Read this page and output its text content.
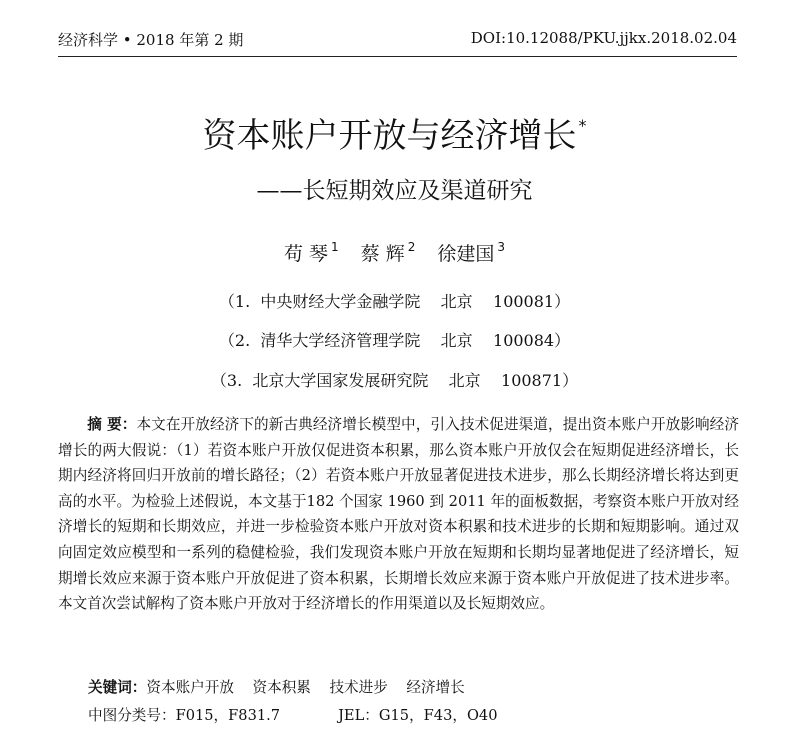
经济科学 • 2018 年第 2 期	DOI:10.12088/PKU.jjkx.2018.02.04
资本账户开放与经济增长 *
——长短期效应及渠道研究
苟 琴 $^1$ 蔡 辉 $^2$ 徐建国 $^3$
（1.  中央财经大学金融学院    北京    100081）
（2.  清华大学经济管理学院    北京    100084）
（3.  北京大学国家发展研究院    北京    100871）

摘 要：本文在开放经济下的新古典经济增长模型中，引入技术促进渠道，提出资本账户开放影响经济增长的两大假说：（1）若资本账户开放仅促进资本积累，那么资本账户开放仅会在短期促进经济增长，长期内经济将回归开放前的增长路径；（2）若资本账户开放显著促进技术进步，那么长期经济增长将达到更高的水平。为检验上述假说，本文基于182 个国家 1960 到 2011 年的面板数据，考察资本账户开放对经济增长的短期和长期效应，并进一步检验资本账户开放对资本积累和技术进步的长期和短期影响。通过双向固定效应模型和一系列的稳健检验，我们发现资本账户开放在短期和长期均显著地促进了经济增长，短期增长效应来源于资本账户开放促进了资本积累，长期增长效应来源于资本账户开放促进了技术进步率。本文首次尝试解构了资本账户开放对于经济增长的作用渠道以及长短期效应。

关键词：资本账户开放    资本积累    技术进步    经济增长
中图分类号：F015，F831.7	JEL：G15，F43，O40
